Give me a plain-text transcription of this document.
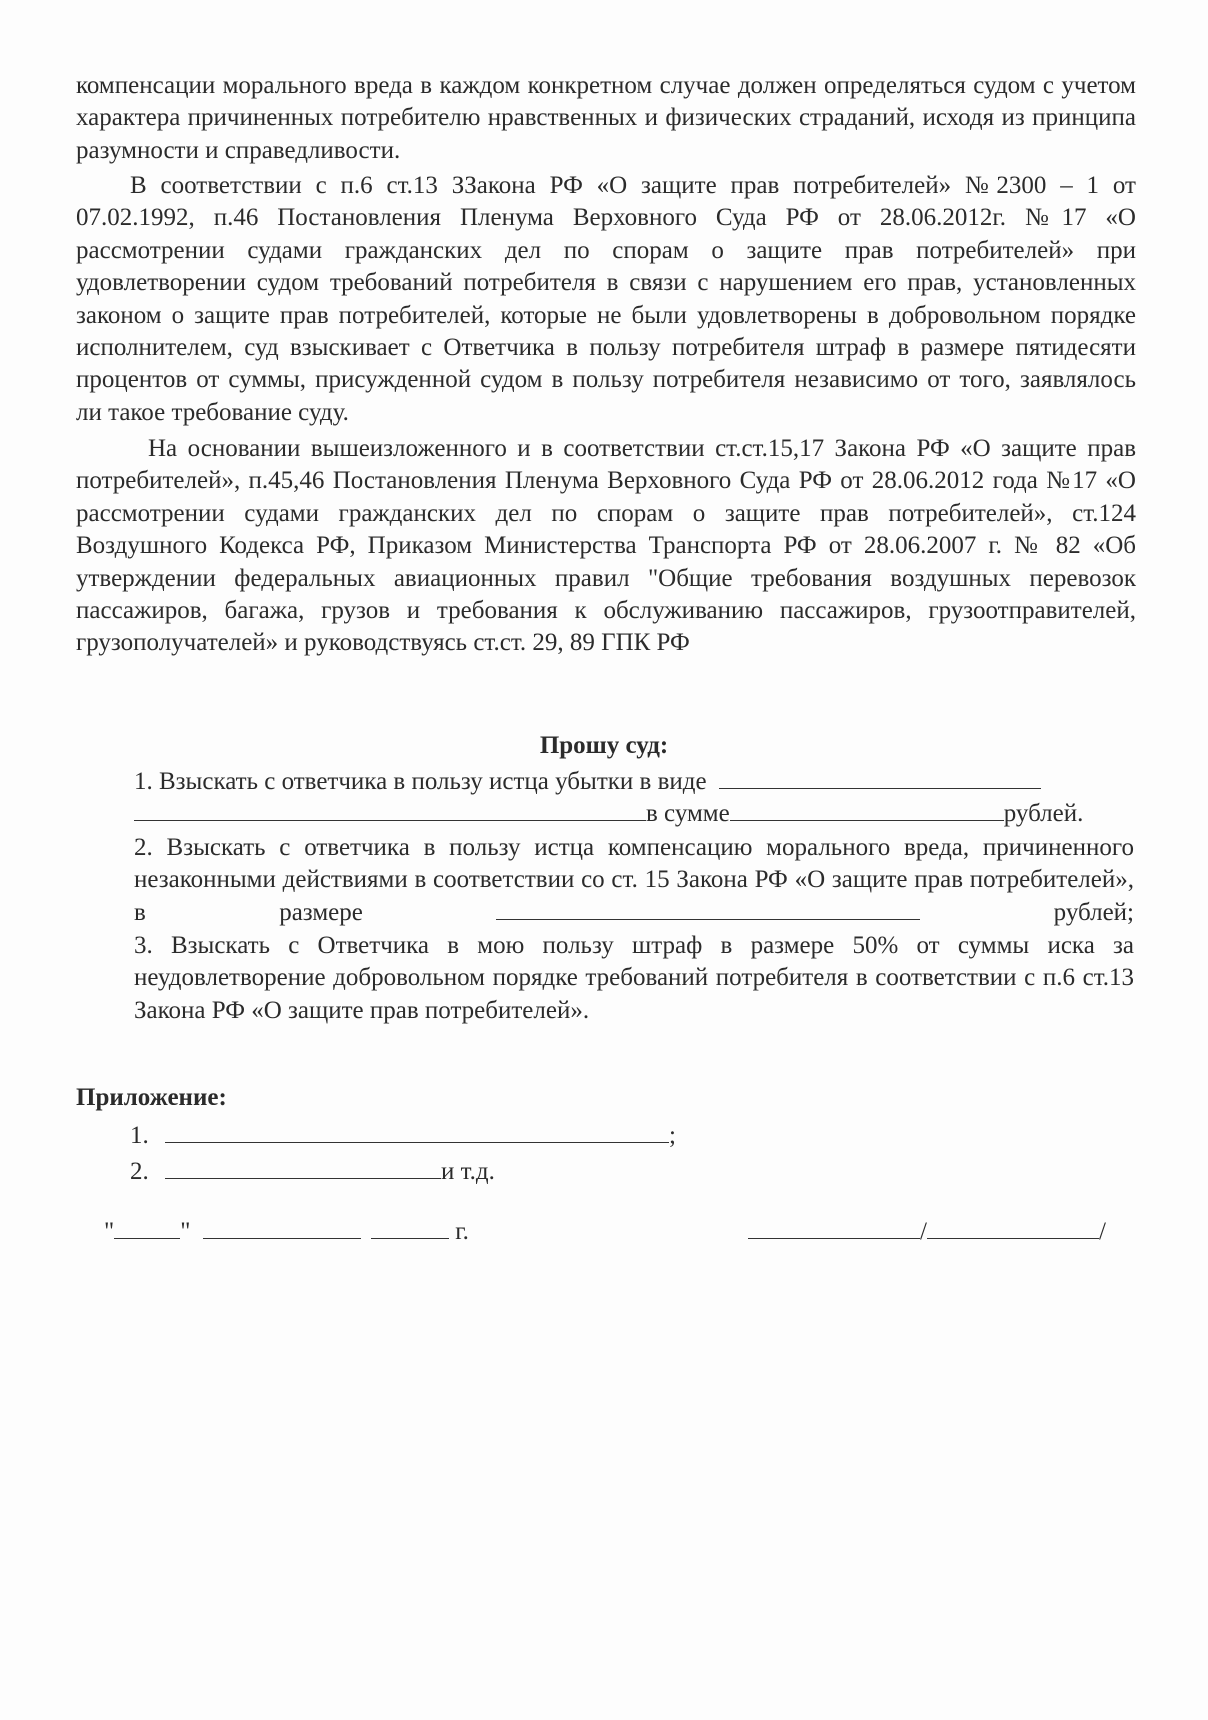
компенсации морального вреда в каждом конкретном случае должен определяться судом с учетом характера причиненных потребителю нравственных и физических страданий, исходя из принципа разумности и справедливости.
В соответствии с п.6 ст.13 ЗЗакона РФ «О защите прав потребителей» №2300 – 1 от 07.02.1992, п.46 Постановления Пленума Верховного Суда РФ от 28.06.2012г. №17 «О рассмотрении судами гражданских дел по спорам о защите прав потребителей» при удовлетворении судом требований потребителя в связи с нарушением его прав, установленных законом о защите прав потребителей, которые не были удовлетворены в добровольном порядке исполнителем, суд взыскивает с Ответчика в пользу потребителя штраф в размере пятидесяти процентов от суммы, присужденной судом в пользу потребителя независимо от того, заявлялось ли такое требование суду.
На основании вышеизложенного и в соответствии ст.ст.15,17 Закона РФ «О защите прав потребителей», п.45,46 Постановления Пленума Верховного Суда РФ от 28.06.2012 года №17 «О рассмотрении судами гражданских дел по спорам о защите прав потребителей», ст.124 Воздушного Кодекса РФ, Приказом Министерства Транспорта РФ от 28.06.2007 г. № 82 «Об утверждении федеральных авиационных правил "Общие требования воздушных перевозок пассажиров, багажа, грузов и требования к обслуживанию пассажиров, грузоотправителей, грузополучателей» и руководствуясь ст.ст. 29, 89 ГПК РФ
Прошу суд:
1. Взыскать с ответчика в пользу истца убытки в виде
в сумме	рублей.
2. Взыскать с ответчика в пользу истца компенсацию морального вреда, причиненного незаконными действиями в соответствии со ст. 15 Закона РФ «О защите прав потребителей», в размере	рублей;
3. Взыскать с Ответчика в мою пользу штраф в размере 50% от суммы иска за неудовлетворение добровольном порядке требований потребителя в соответствии с п.6 ст.13 Закона РФ «О защите прав потребителей».
Приложение:
1.	;
2.	и т.д.
"	"	г.	/	/
